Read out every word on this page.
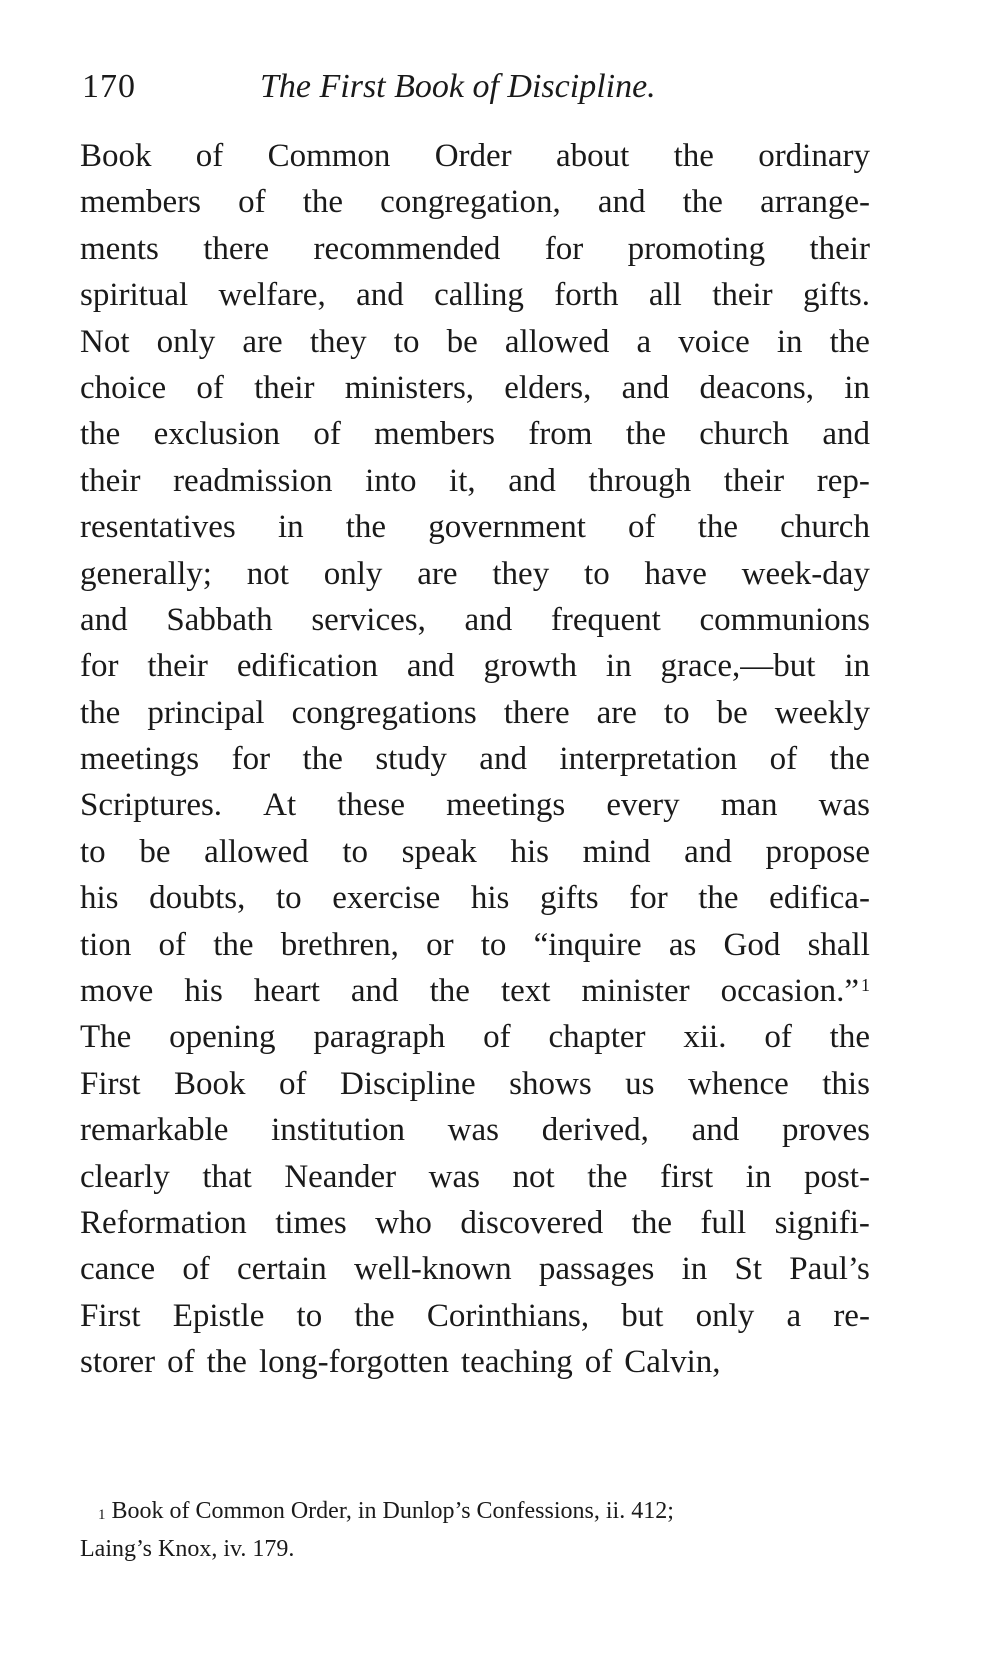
170	The First Book of Discipline.
Book of Common Order about the ordinary
members of the congregation, and the arrange-
ments there recommended for promoting their
spiritual welfare, and calling forth all their gifts.
Not only are they to be allowed a voice in the
choice of their ministers, elders, and deacons, in
the exclusion of members from the church and
their readmission into it, and through their rep-
resentatives in the government of the church
generally; not only are they to have week-day
and Sabbath services, and frequent communions
for their edification and growth in grace,—but in
the principal congregations there are to be weekly
meetings for the study and interpretation of the
Scriptures. At these meetings every man was
to be allowed to speak his mind and propose
his doubts, to exercise his gifts for the edifica-
tion of the brethren, or to “inquire as God shall
move his heart and the text minister occasion.” $^1$
The opening paragraph of chapter xii. of the
First Book of Discipline shows us whence this
remarkable institution was derived, and proves
clearly that Neander was not the first in post-
Reformation times who discovered the full signifi-
cance of certain well-known passages in St Paul’s
First Epistle to the Corinthians, but only a re-
storer of the long-forgotten teaching of Calvin,
$^1$ Book of Common Order, in Dunlop’s Confessions, ii. 412;
Laing’s Knox, iv. 179.
